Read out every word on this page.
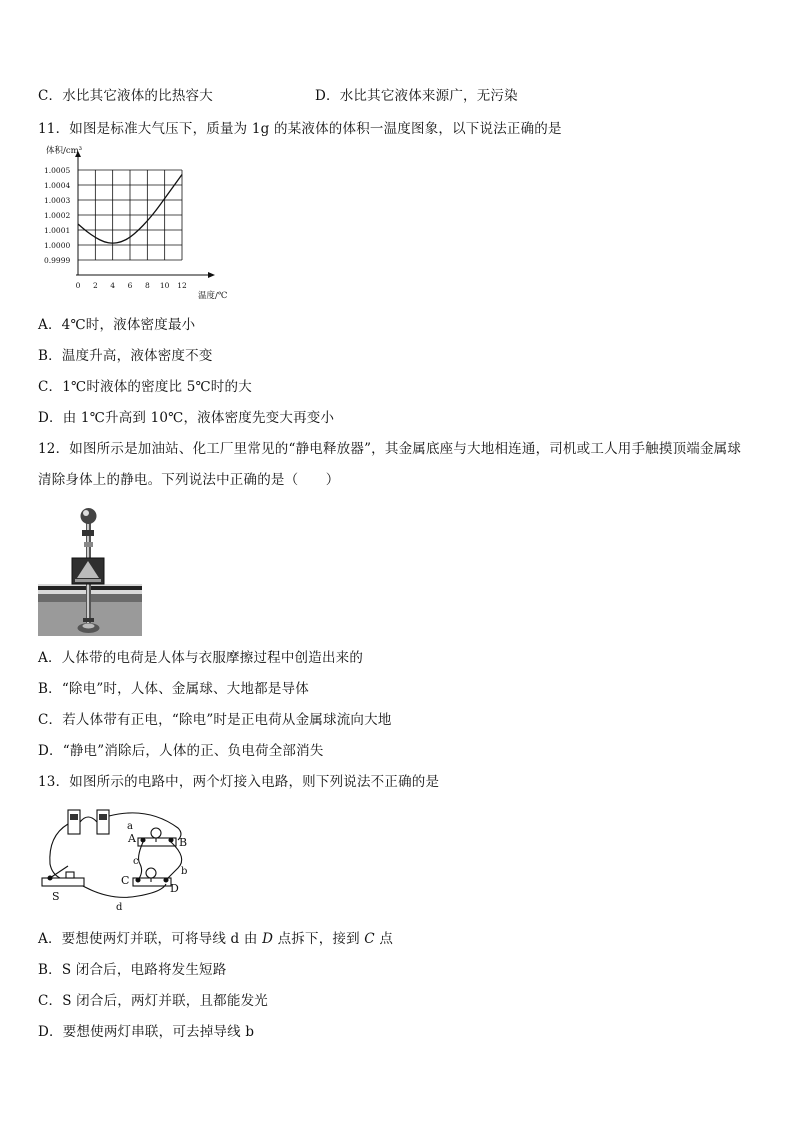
C．水比其它液体的比热容大	D．水比其它液体来源广，无污染
11．如图是标准大气压下，质量为 1g 的某液体的体积一温度图象，以下说法正确的是
1.0005
1.0004
1.0003
1.0002
1.0001
1.0000
0.9999
0 2 4 6 8 10 12
体积/cm³
温度/℃
A．4℃时，液体密度最小
B．温度升高，液体密度不变
C．1℃时液体的密度比 5℃时的大
D．由 1℃升高到 10℃，液体密度先变大再变小
12．如图所示是加油站、化工厂里常见的“静电释放器”，其金属底座与大地相连通，司机或工人用手触摸顶端金属球
清除身体上的静电。下列说法中正确的是（　　）
A．人体带的电荷是人体与衣服摩擦过程中创造出来的
B．“除电”时，人体、金属球、大地都是导体
C．若人体带有正电，“除电”时是正电荷从金属球流向大地
D．“静电”消除后，人体的正、负电荷全部消失
13．如图所示的电路中，两个灯接入电路，则下列说法不正确的是
a
A	B
c
b
C
D
S
d
A．要想使两灯并联，可将导线 d 由 D 点拆下，接到 C 点
B．S 闭合后，电路将发生短路
C．S 闭合后，两灯并联，且都能发光
D．要想使两灯串联，可去掉导线 b
